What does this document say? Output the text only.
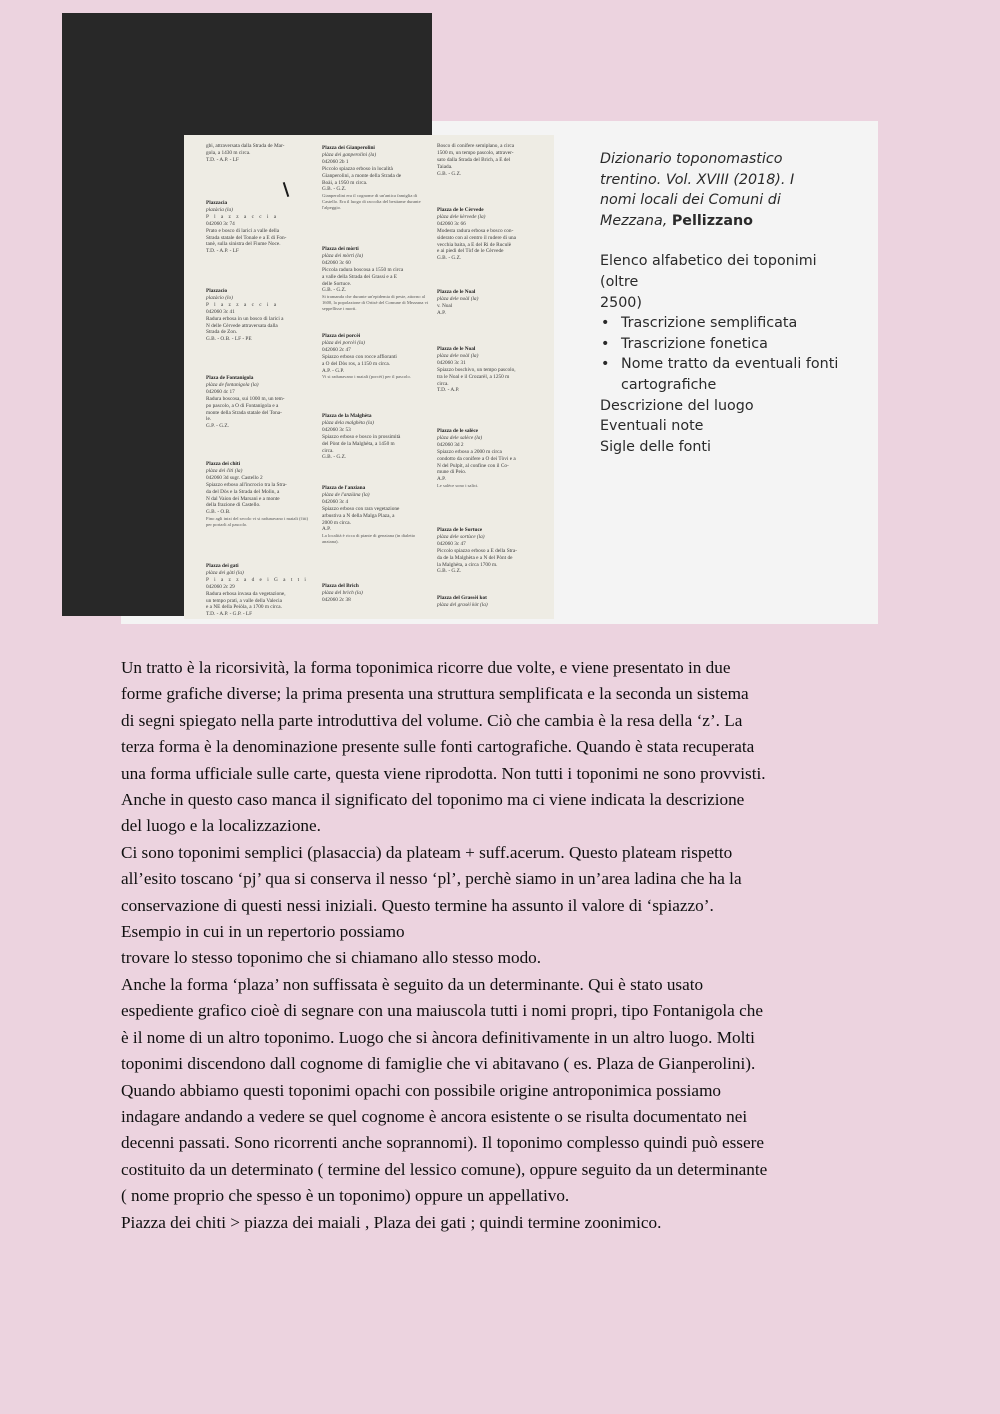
gbi, attraversata dalla Strada de Mar-
gola, a 1430 m circa.
T.D. - A.P. - LF
Plazzacia
plazàcia (la)
P l a z z a c c i a
042060 3c 74
Prato e bosco di larici a valle della
Strada statale del Tonale e a E di Fon-
tanè, sulla sinistra del Fiume Noce.
T.D. - A.P. - LF
Plazzacio
plazàcio (lo)
P l a z z a c c i a
042060 3c 41
Radura erbosa in un bosco di larici a
N delle Cèrvede attraversata dalla
Strada de Zon.
G.B. - O.B. - LF - PE
Plaza de Fontanigola
plàza de fontanigola (la)
042060 4c 17
Radura boscosa, sui 1000 m, un tem-
po pascolo, a O di Fontanigola e a
monte della Strada statale del Tona-
le.
G.P. - G.Z.
Plazza dei chiti
plàza dei ĉiti (la)
042060 3d sugr. Castello 2
Spiazzo erboso all'incrocio tra la Stra-
da del Dòs e la Strada del Molin, a
N dal Vaion dei Marsani e a monte
della frazione di Castello.
G.B. - O.B.
Fino agli inizi del secolo vi si radunavano i maiali (ĉiti) per portarli al pascolo.
Plazza dei gati
plàza dei gàti (la)
P i a z z a d e i G a t t i
042060 2c 29
Radura erbosa invasa da vegetazione,
un tempo prati, a valle della Valecia
e a NE della Peiòla, a 1700 m circa.
T.D. - A.P. - G.P. - LF
Plazza dei Gianperolini
plàza dei ganperolini (la)
042060 2b 1
Piccolo spiazzo erboso in località
Gianperolini, a monte della Strada de
Boài, a 1950 m circa.
G.B. - G.Z.
Gianperolini era il cognome di un'antica famiglia di Castello. Era il luogo di raccolta del bestiame durante l'alpeggio.
Plazza dei mòrti
plàza dei mòrti (la)
042060 3c 60
Piccola radura boscosa a 1550 m circa
a valle della Strada dei Grassi e a E
delle Sortuce.
G.B. - G.Z.
Si tramanda che durante un'epidemia di peste, attorno al 1600, la popolazione di Ortisè del Comune di Mezzana vi seppellisse i morti.
Plazza dei porcèi
plàza dei porcèi (la)
042060 2c 47
Spiazzo erboso con rocce affioranti
a O del Dòs ros, a 1150 m circa.
A.P. - G.P.
Vi si radunavano i maiali (porcèi) per il pascolo.
Plazza de la Malghèta
plàza dela malghèta (la)
042060 3c 53
Spiazzo erboso e bosco in prossimità
del Pònt de la Malghèta, a 1450 m
circa.
G.B. - G.Z.
Plazza de l'anziana
plàza de l'anziàna (la)
042060 3c 4
Spiazzo erboso con rara vegetazione
arbustiva a N della Malga Plaza, a
2000 m circa.
A.P.
La località è ricca di piante di genziana (in dialetto anziana).
Plazza del Brich
plàza del brìch (la)
042060 2c 38
Bosco di conifere semiplano, a circa
1500 m, un tempo pascolo, attraver-
sato dalla Strada del Brich, a E del
Taiada.
G.B. - G.Z.
Plazza de le Cèrvede
plàza dele kèrvede (la)
042060 3c 66
Modesta radura erbosa e bosco con-
siderato con al centro il rudere di una
vecchia baita, a E del Ri de Ruculè
e ai piedi del Tòf de le Cèrvede
G.B. - G.Z.
Plazza de le Noal
plàza dele noàl (la)
v. Noal
A.P.
Plazza de le Noal
plàza dele noàl (la)
042060 3c 31
Spiazzo boschivo, un tempo pascolo,
tra le Noal e il Crozarèl, a 1250 m
circa.
T.D. - A.P.
Plazza de le salèce
plàza dele salèce (la)
042060 3d 2
Spiazzo erboso a 2000 m circa
condotto da conifere a O dei Tòvi e a
N del Pulpit, al confine con il Co-
mune di Peio.
A.P.
Le salèce sono i salici.
Plazza de le Sortuce
plàza dele sortùce (la)
042060 3c 47
Piccolo spiazzo erboso a E della Stra-
da de la Malghèta e a N del Pònt de
la Malghèta, a circa 1700 m.
G.B. - G.Z.
Plazza del Grassèi kot
plàza del grasèi kòt (la)
Dizionario toponomastico
trentino. Vol. XVIII (2018). I
nomi locali dei Comuni di
Mezzana, Pellizzano
Elenco alfabetico dei toponimi (oltre
2500)
• Trascrizione semplificata
• Trascrizione fonetica
• Nome tratto da eventuali fonti cartografiche
Descrizione del luogo
Eventuali note
Sigle delle fonti

Un tratto è la ricorsività, la forma toponimica ricorre due volte, e viene presentato in due

forme grafiche diverse; la prima presenta una struttura semplificata e la seconda un sistema

di segni spiegato nella parte introduttiva del volume. Ciò che cambia è la resa della ‘z’. La

terza forma è la denominazione presente sulle fonti cartografiche. Quando è stata recuperata

una forma ufficiale sulle carte, questa viene riprodotta. Non tutti i toponimi ne sono provvisti.

Anche in questo caso manca il significato del toponimo ma ci viene indicata la descrizione

del luogo e la localizzazione.

Ci sono toponimi semplici (plasaccia) da plateam + suff.acerum. Questo plateam rispetto

all’esito toscano ‘pj’ qua si conserva il nesso ‘pl’, perchè siamo in un’area ladina che ha la

conservazione di questi nessi iniziali. Questo termine ha assunto il valore di ‘spiazzo’.

Esempio in cui in un repertorio possiamo

trovare lo stesso toponimo che si chiamano allo stesso modo.

Anche la forma ‘plaza’ non suffissata è seguito da un determinante. Qui è stato usato

espediente grafico cioè di segnare con una maiuscola tutti i nomi propri, tipo Fontanigola che

è il nome di un altro toponimo. Luogo che si àncora definitivamente in un altro luogo. Molti

toponimi discendono dall cognome di famiglie che vi abitavano ( es. Plaza de Gianperolini).

Quando abbiamo questi toponimi opachi con possibile origine antroponimica possiamo

indagare andando a vedere se quel cognome è ancora esistente o se risulta documentato nei

decenni passati. Sono ricorrenti anche soprannomi). Il toponimo complesso quindi può essere

costituito da un determinato ( termine del lessico comune), oppure seguito da un determinante

( nome proprio che spesso è un toponimo) oppure un appellativo.

Piazza dei chiti > piazza dei maiali , Plaza dei gati ; quindi termine zoonimico.
